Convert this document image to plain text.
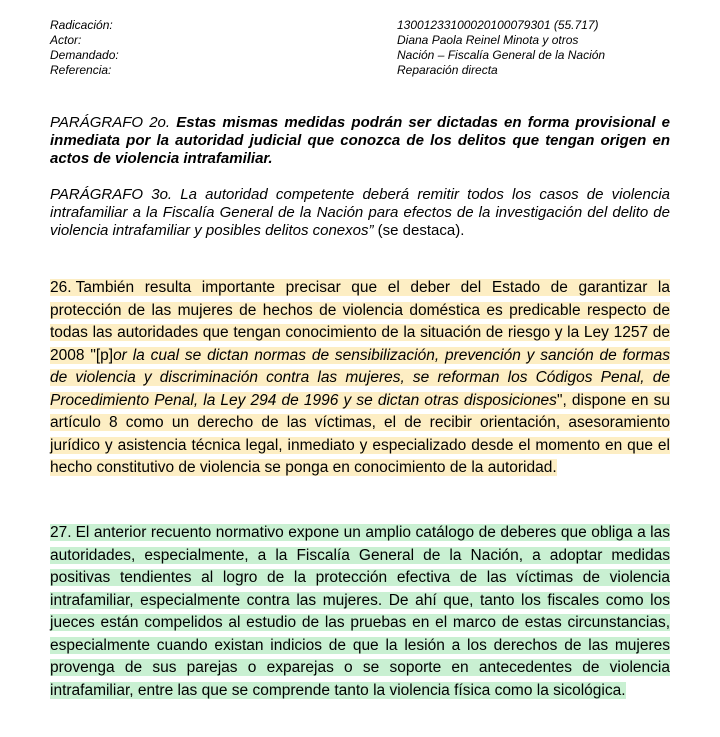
Radicación:	13001233100020100079301 (55.717)
Actor:	Diana Paola Reinel Minota y otros
Demandado:	Nación – Fiscalía General de la Nación
Referencia:	Reparación directa
PARÁGRAFO 2o. Estas mismas medidas podrán ser dictadas en forma provisional e inmediata por la autoridad judicial que conozca de los delitos que tengan origen en actos de violencia intrafamiliar.
PARÁGRAFO 3o. La autoridad competente deberá remitir todos los casos de violencia intrafamiliar a la Fiscalía General de la Nación para efectos de la investigación del delito de violencia intrafamiliar y posibles delitos conexos” (se destaca).
26. También resulta importante precisar que el deber del Estado de garantizar la protección de las mujeres de hechos de violencia doméstica es predicable respecto de todas las autoridades que tengan conocimiento de la situación de riesgo y la Ley 1257 de 2008 "[p]or la cual se dictan normas de sensibilización, prevención y sanción de formas de violencia y discriminación contra las mujeres, se reforman los Códigos Penal, de Procedimiento Penal, la Ley 294 de 1996 y se dictan otras disposiciones", dispone en su artículo 8 como un derecho de las víctimas, el de recibir orientación, asesoramiento jurídico y asistencia técnica legal, inmediato y especializado desde el momento en que el hecho constitutivo de violencia se ponga en conocimiento de la autoridad.
27. El anterior recuento normativo expone un amplio catálogo de deberes que obliga a las autoridades, especialmente, a la Fiscalía General de la Nación, a adoptar medidas positivas tendientes al logro de la protección efectiva de las víctimas de violencia intrafamiliar, especialmente contra las mujeres. De ahí que, tanto los fiscales como los jueces están compelidos al estudio de las pruebas en el marco de estas circunstancias, especialmente cuando existan indicios de que la lesión a los derechos de las mujeres provenga de sus parejas o exparejas o se soporte en antecedentes de violencia intrafamiliar, entre las que se comprende tanto la violencia física como la sicológica.
